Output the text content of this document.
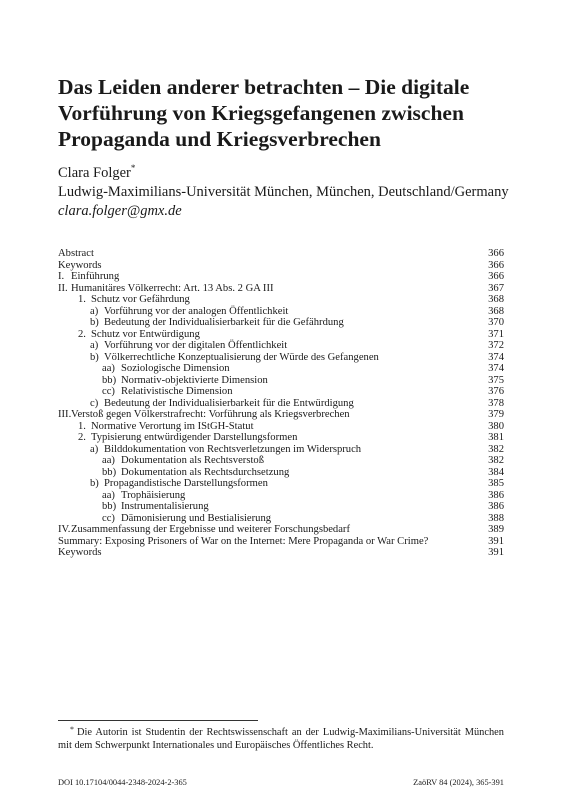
Das Leiden anderer betrachten – Die digitale Vorführung von Kriegsgefangenen zwischen Propaganda und Kriegsverbrechen
Clara Folger*
Ludwig-Maximilians-Universität München, München, Deutschland/Germany
clara.folger@gmx.de
Abstract	366
Keywords	366
I. Einführung	366
II. Humanitäres Völkerrecht: Art. 13 Abs. 2 GA III	367
1. Schutz vor Gefährdung	368
a) Vorführung vor der analogen Öffentlichkeit	368
b) Bedeutung der Individualisierbarkeit für die Gefährdung	370
2. Schutz vor Entwürdigung	371
a) Vorführung vor der digitalen Öffentlichkeit	372
b) Völkerrechtliche Konzeptualisierung der Würde des Gefangenen	374
aa) Soziologische Dimension	374
bb) Normativ-objektivierte Dimension	375
cc) Relativistische Dimension	376
c) Bedeutung der Individualisierbarkeit für die Entwürdigung	378
III. Verstoß gegen Völkerstrafrecht: Vorführung als Kriegsverbrechen	379
1. Normative Verortung im IStGH-Statut	380
2. Typisierung entwürdigender Darstellungsformen	381
a) Bilddokumentation von Rechtsverletzungen im Widerspruch	382
aa) Dokumentation als Rechtsverstoß	382
bb) Dokumentation als Rechtsdurchsetzung	384
b) Propagandistische Darstellungsformen	385
aa) Trophäisierung	386
bb) Instrumentalisierung	386
cc) Dämonisierung und Bestialisierung	388
IV. Zusammenfassung der Ergebnisse und weiterer Forschungsbedarf	389
Summary: Exposing Prisoners of War on the Internet: Mere Propaganda or War Crime?	391
Keywords	391
* Die Autorin ist Studentin der Rechtswissenschaft an der Ludwig-Maximilians-Universität München mit dem Schwerpunkt Internationales und Europäisches Öffentliches Recht.
DOI 10.17104/0044-2348-2024-2-365	ZaöRV 84 (2024), 365-391
